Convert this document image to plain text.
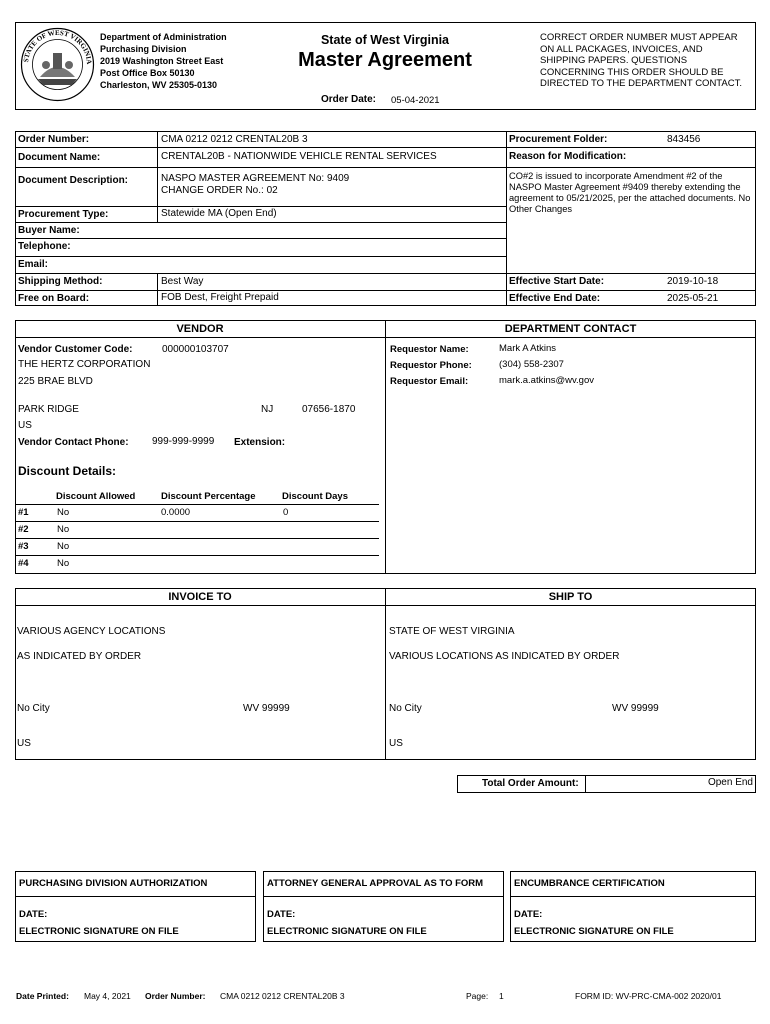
STATE OF WEST VIRGINIA
Department of Administration
Purchasing Division
2019 Washington Street East
Post Office Box 50130
Charleston, WV 25305-0130
State of West Virginia
Master Agreement
Order Date: 05-04-2021
CORRECT ORDER NUMBER MUST APPEAR ON ALL PACKAGES, INVOICES, AND SHIPPING PAPERS. QUESTIONS CONCERNING THIS ORDER SHOULD BE DIRECTED TO THE DEPARTMENT CONTACT.
Order Number:	CMA 0212 0212 CRENTAL20B 3	Procurement Folder:	843456
Document Name:	CRENTAL20B - NATIONWIDE VEHICLE RENTAL SERVICES	Reason for Modification:
Document Description:	NASPO MASTER AGREEMENT No: 9409
CHANGE ORDER No.: 02
CO#2 is issued to incorporate Amendment #2 of the NASPO Master Agreement #9409 thereby extending the agreement to 05/21/2025, per the attached documents. No Other Changes
Procurement Type:	Statewide MA (Open End)
Buyer Name:
Telephone:
Email:
Shipping Method:	Best Way	Effective Start Date:	2019-10-18
Free on Board:	FOB Dest, Freight Prepaid	Effective End Date:	2025-05-21
VENDOR	DEPARTMENT CONTACT
Vendor Customer Code:	000000103707
THE HERTZ CORPORATION
225 BRAE BLVD
PARK RIDGE	NJ	07656-1870
US
Vendor Contact Phone: 999-999-9999 Extension:
Discount Details:
Discount Allowed	Discount Percentage	Discount Days
#1	No	0.0000	0
#2	No
#3	No
#4	No
Requestor Name:	Mark A Atkins
Requestor Phone:	(304) 558-2307
Requestor Email:	mark.a.atkins@wv.gov
INVOICE TO	SHIP TO
VARIOUS AGENCY LOCATIONS
AS INDICATED BY ORDER
No City	WV 99999
US
STATE OF WEST VIRGINIA
VARIOUS LOCATIONS AS INDICATED BY ORDER
No City	WV 99999
US
Total Order Amount:	Open End
PURCHASING DIVISION AUTHORIZATION
DATE:
ELECTRONIC SIGNATURE ON FILE
ATTORNEY GENERAL APPROVAL AS TO FORM
DATE:
ELECTRONIC SIGNATURE ON FILE
ENCUMBRANCE CERTIFICATION
DATE:
ELECTRONIC SIGNATURE ON FILE
Date Printed: May 4, 2021 Order Number: CMA 0212 0212 CRENTAL20B 3	Page: 1	FORM ID: WV-PRC-CMA-002 2020/01
